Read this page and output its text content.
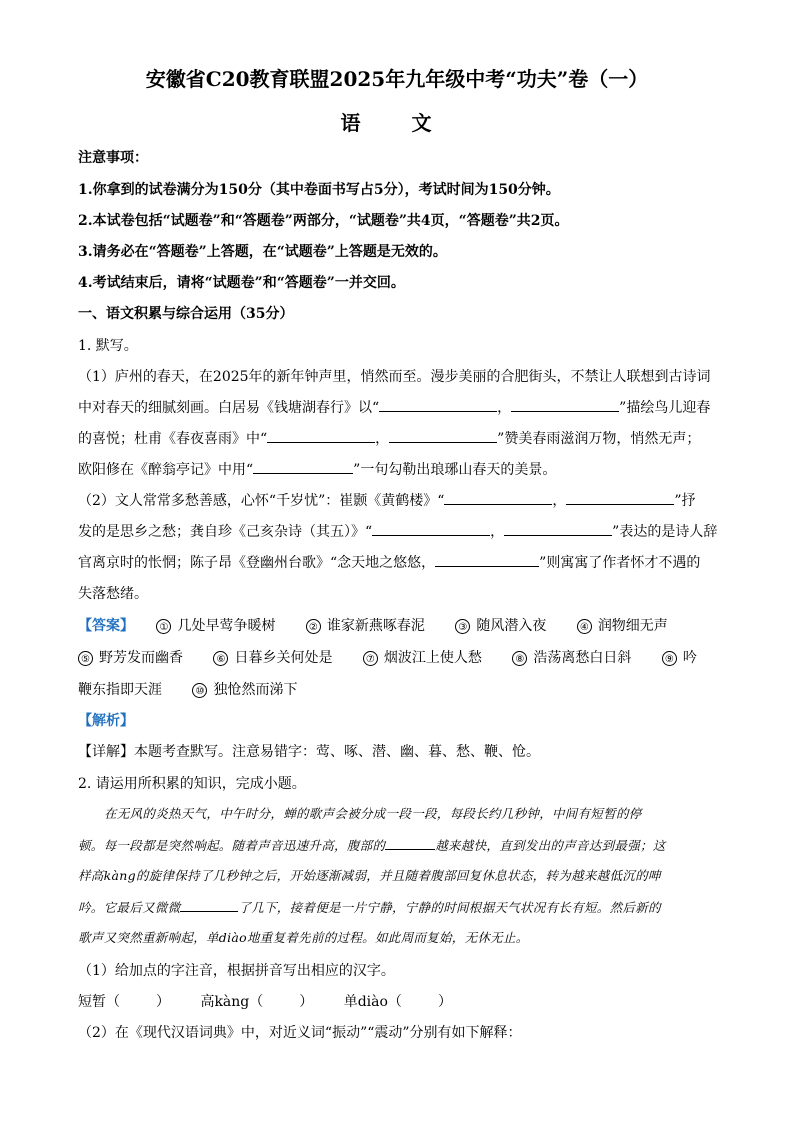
安徽省C20教育联盟2025年九年级中考“功夫”卷（一）
语 文
注意事项：
1.你拿到的试卷满分为150分（其中卷面书写占5分），考试时间为150分钟。
2.本试卷包括“试题卷”和“答题卷”两部分，“试题卷”共4页，“答题卷”共2页。
3.请务必在“答题卷”上答题，在“试题卷”上答题是无效的。
4.考试结束后，请将“试题卷”和“答题卷”一并交回。
一、语文积累与综合运用（35分）
1. 默写。
（1）庐州的春天，在2025年的新年钟声里，悄然而至。漫步美丽的合肥街头，不禁让人联想到古诗词
中对春天的细腻刻画。白居易《钱塘湖春行》以“	，	”描绘鸟儿迎春
的喜悦；杜甫《春夜喜雨》中“	，	”赞美春雨滋润万物，悄然无声；
欧阳修在《醉翁亭记》中用“	”一句勾勒出琅琊山春天的美景。
（2）文人常常多愁善感，心怀“千岁忧”：崔颢《黄鹤楼》“	，	”抒
发的是思乡之愁；龚自珍《己亥杂诗（其五）》“	，	”表达的是诗人辞
官离京时的怅惘；陈子昂《登幽州台歌》“念天地之悠悠，	”则寓寓了作者怀才不遇的
失落愁绪。
【答案】	① 几处早莺争暖树	② 谁家新燕啄春泥	③ 随风潜入夜	④ 润物细无声
⑤ 野芳发而幽香	⑥ 日暮乡关何处是	⑦ 烟波江上使人愁	⑧ 浩荡离愁白日斜	⑨ 吟
鞭东指即天涯	⑩ 独怆然而涕下
【解析】
【详解】本题考查默写。注意易错字：莺、啄、潜、幽、暮、愁、鞭、怆。
2. 请运用所积累的知识，完成小题。
在无风的炎热天气，中午时分，蝉的歌声会被分成一段一段，每段长约几秒钟，中间有短暂的停
顿。每一段都是突然响起。随着声音迅速升高，腹部的	越来越快，直到发出的声音达到最强；这
样高kàng的旋律保持了几秒钟之后，开始逐渐减弱，并且随着腹部回复休息状态，转为越来越低沉的呻
吟。它最后又微微	了几下，接着便是一片宁静，宁静的时间根据天气状况有长有短。然后新的
歌声又突然重新响起，单diào地重复着先前的过程。如此周而复始，无休无止。
（1）给加点的字注音，根据拼音写出相应的汉字。
短暂（	） 高kàng（	） 单diào（	）
（2）在《现代汉语词典》中，对近义词“振动”“震动”分别有如下解释：
